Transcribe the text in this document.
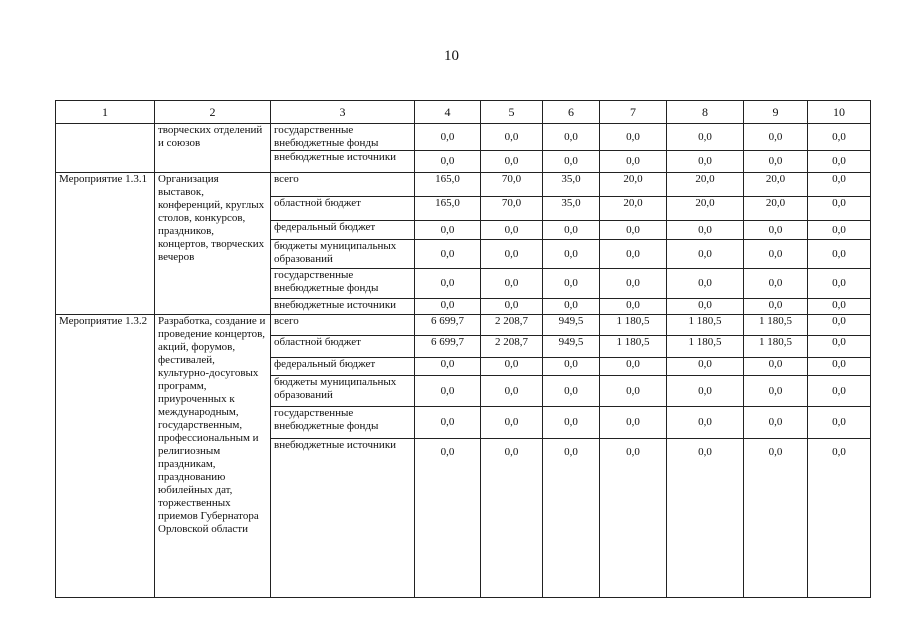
10
1	2	3	4	5	6	7	8	9	10
	творческих отделений и союзов	государственные внебюджетные фонды	0,0	0,0	0,0	0,0	0,0	0,0	0,0
		внебюджетные источники	0,0	0,0	0,0	0,0	0,0	0,0	0,0
Мероприятие 1.3.1	Организация выставок, конференций, круглых столов, конкурсов, праздников, концертов, творческих вечеров	всего	165,0	70,0	35,0	20,0	20,0	20,0	0,0
		областной бюджет	165,0	70,0	35,0	20,0	20,0	20,0	0,0
		федеральный бюджет	0,0	0,0	0,0	0,0	0,0	0,0	0,0
		бюджеты муниципальных образований	0,0	0,0	0,0	0,0	0,0	0,0	0,0
		государственные внебюджетные фонды	0,0	0,0	0,0	0,0	0,0	0,0	0,0
		внебюджетные источники	0,0	0,0	0,0	0,0	0,0	0,0	0,0
Мероприятие 1.3.2	Разработка, создание и проведение концертов, акций, форумов, фестивалей, культурно-досуговых программ, приуроченных к международным, государственным, профессиональным и религиозным праздникам, празднованию юбилейных дат, торжественных приемов Губернатора Орловской области	всего	6 699,7	2 208,7	949,5	1 180,5	1 180,5	1 180,5	0,0
		областной бюджет	6 699,7	2 208,7	949,5	1 180,5	1 180,5	1 180,5	0,0
		федеральный бюджет	0,0	0,0	0,0	0,0	0,0	0,0	0,0
		бюджеты муниципальных образований	0,0	0,0	0,0	0,0	0,0	0,0	0,0
		государственные внебюджетные фонды	0,0	0,0	0,0	0,0	0,0	0,0	0,0
		внебюджетные источники	0,0	0,0	0,0	0,0	0,0	0,0	0,0
